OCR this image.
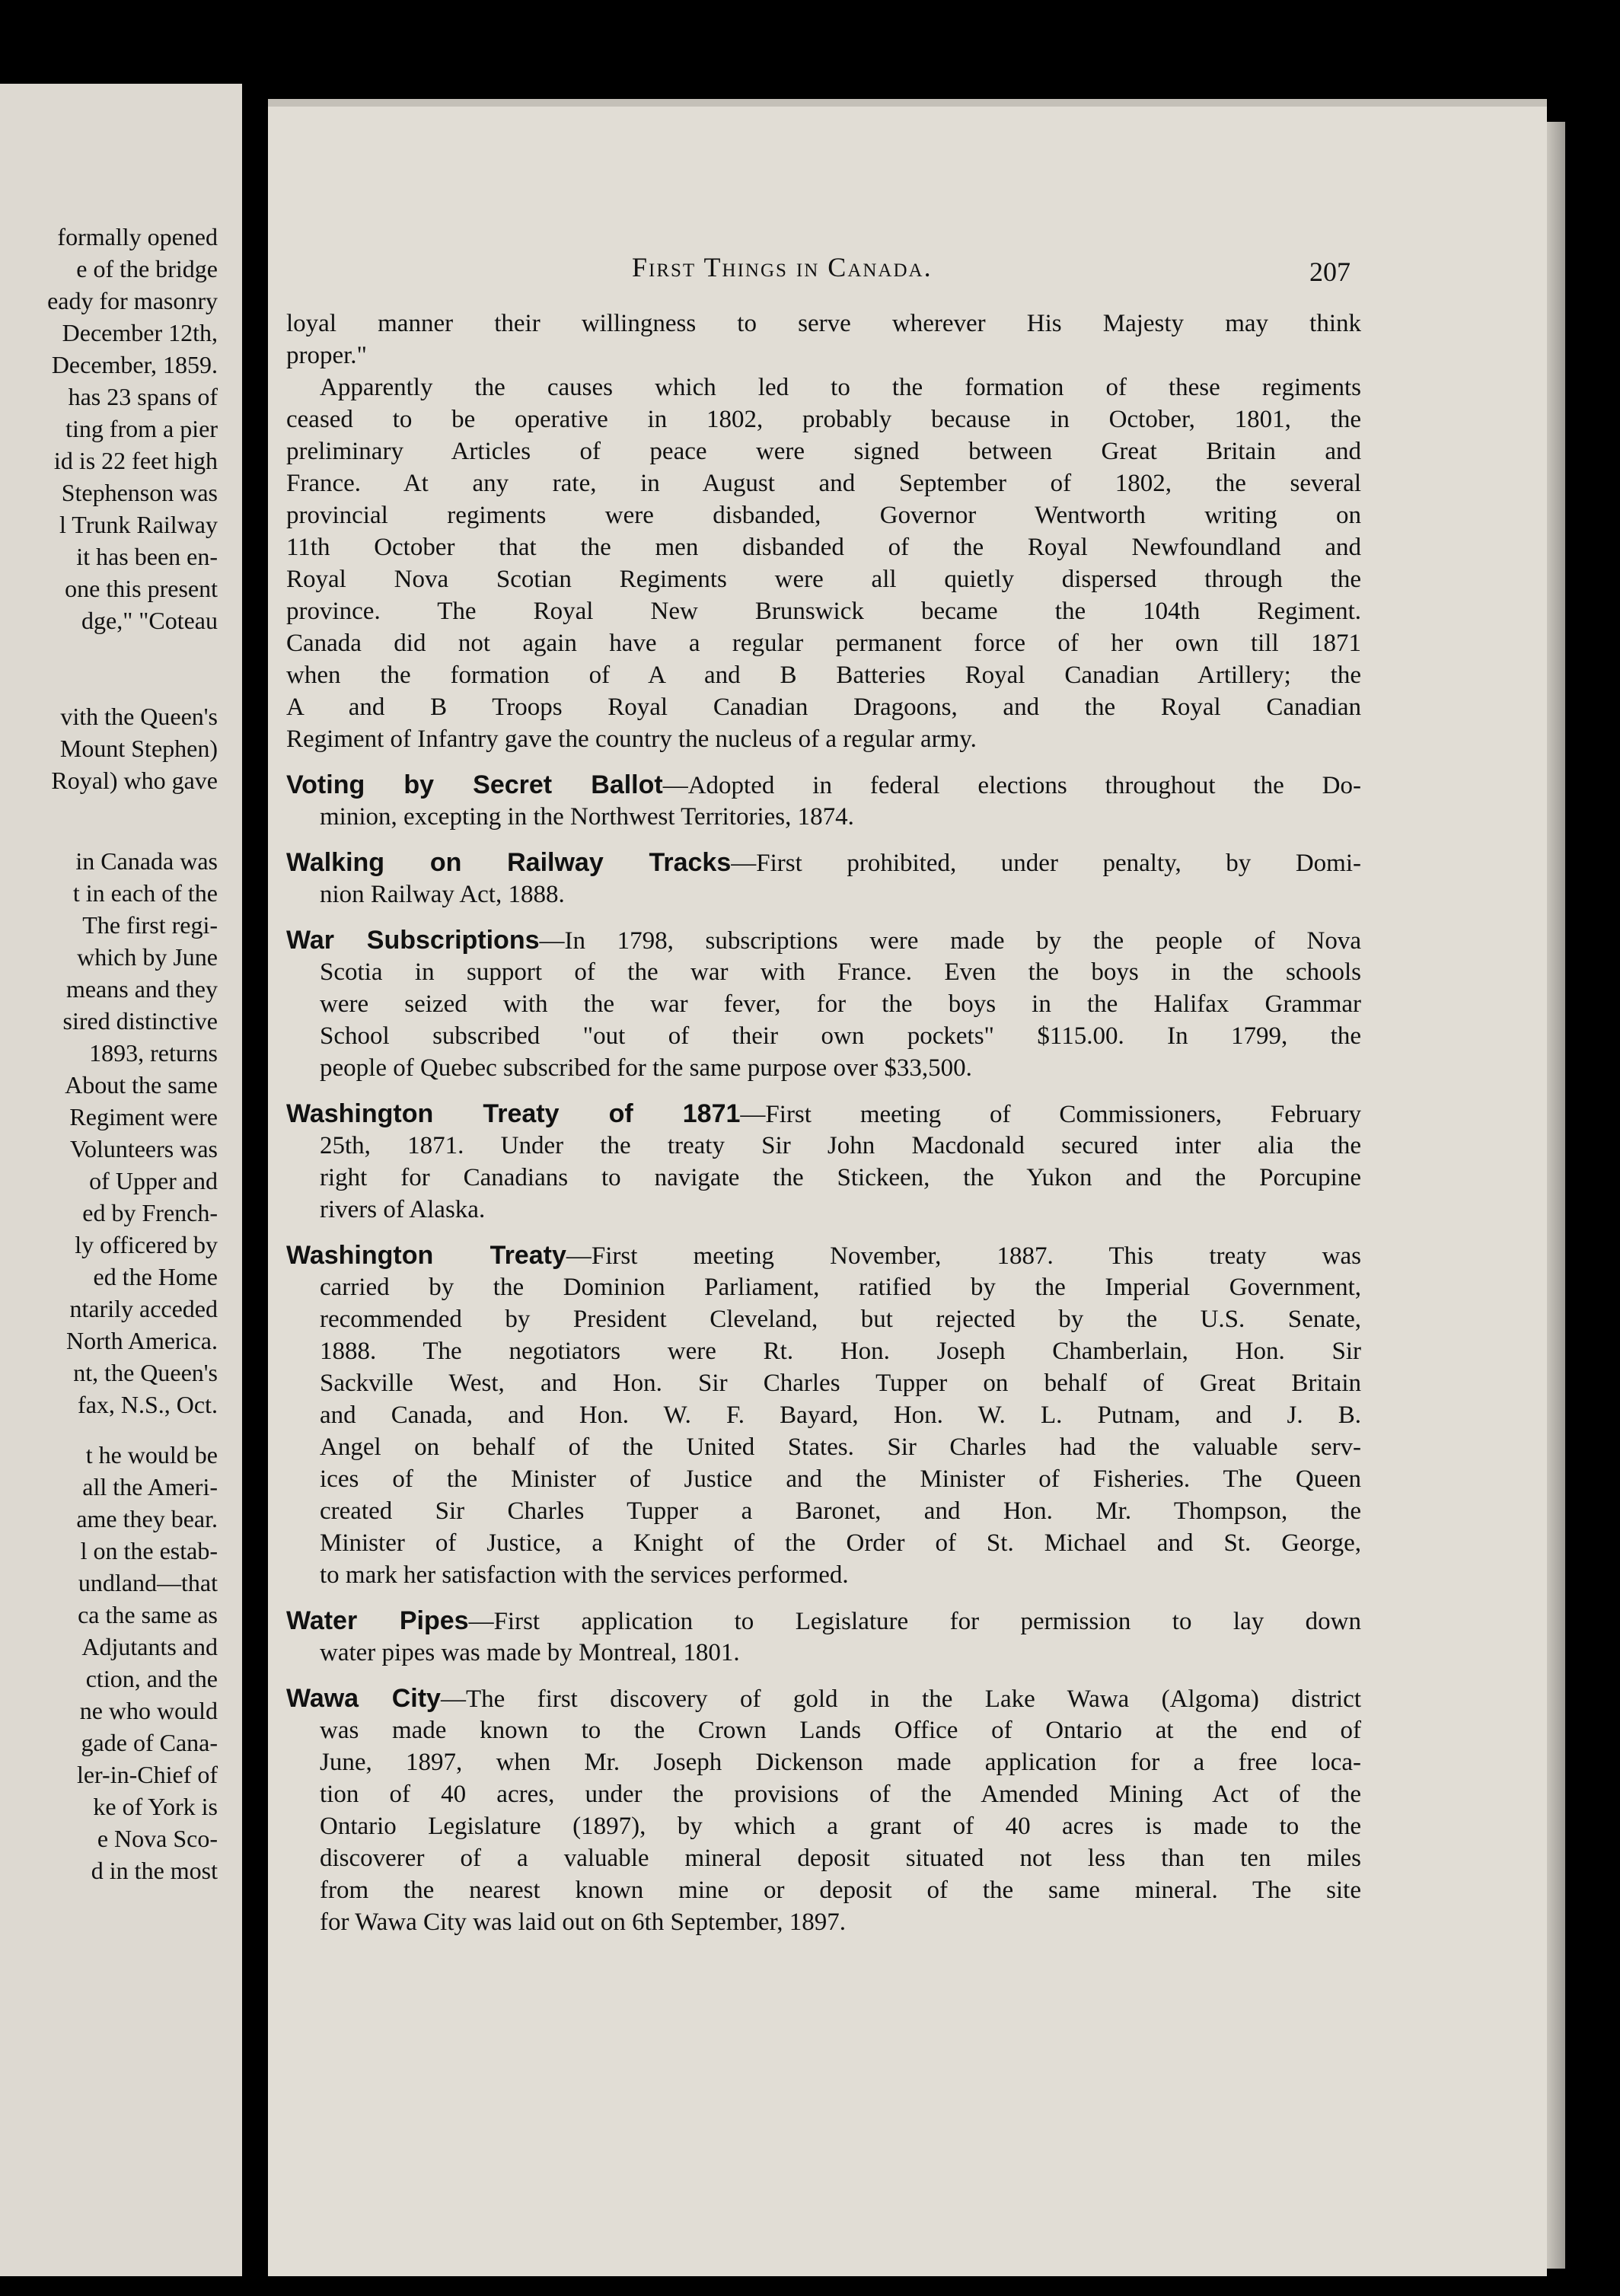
formally opened
e of the bridge
eady for masonry
December 12th,
December, 1859.
has 23 spans of
ting from a pier
id is 22 feet high
Stephenson was
l Trunk Railway
it has been en-
one this present
dge," "Coteau
vith the Queen's
Mount Stephen)
Royal) who gave
in Canada was
t in each of the
The first regi-
which by June
means and they
sired distinctive
1893, returns
About the same
Regiment were
Volunteers was
of Upper and
ed by French-
ly officered by
ed the Home
ntarily acceded
North America.
nt, the Queen's
fax, N.S., Oct.
t he would be
all the Ameri-
ame they bear.
l on the estab-
undland—that
ca the same as
Adjutants and
ction, and the
ne who would
gade of Cana-
ler-in-Chief of
ke of York is
e Nova Sco-
d in the most
First Things in Canada.	207
loyal manner their willingness to serve wherever His Majesty may think
proper."
Apparently the causes which led to the formation of these regiments
ceased to be operative in 1802, probably because in October, 1801, the
preliminary Articles of peace were signed between Great Britain and
France. At any rate, in August and September of 1802, the several
provincial regiments were disbanded, Governor Wentworth writing on
11th October that the men disbanded of the Royal Newfoundland and
Royal Nova Scotian Regiments were all quietly dispersed through the
province. The Royal New Brunswick became the 104th Regiment.
Canada did not again have a regular permanent force of her own till 1871
when the formation of A and B Batteries Royal Canadian Artillery; the
A and B Troops Royal Canadian Dragoons, and the Royal Canadian
Regiment of Infantry gave the country the nucleus of a regular army.
Voting by Secret Ballot—Adopted in federal elections throughout the Do-
minion, excepting in the Northwest Territories, 1874.
Walking on Railway Tracks—First prohibited, under penalty, by Domi-
nion Railway Act, 1888.
War Subscriptions—In 1798, subscriptions were made by the people of Nova
Scotia in support of the war with France. Even the boys in the schools
were seized with the war fever, for the boys in the Halifax Grammar
School subscribed "out of their own pockets" $115.00. In 1799, the
people of Quebec subscribed for the same purpose over $33,500.
Washington Treaty of 1871—First meeting of Commissioners, February
25th, 1871. Under the treaty Sir John Macdonald secured inter alia the
right for Canadians to navigate the Stickeen, the Yukon and the Porcupine
rivers of Alaska.
Washington Treaty—First meeting November, 1887. This treaty was
carried by the Dominion Parliament, ratified by the Imperial Government,
recommended by President Cleveland, but rejected by the U.S. Senate,
1888. The negotiators were Rt. Hon. Joseph Chamberlain, Hon. Sir
Sackville West, and Hon. Sir Charles Tupper on behalf of Great Britain
and Canada, and Hon. W. F. Bayard, Hon. W. L. Putnam, and J. B.
Angel on behalf of the United States. Sir Charles had the valuable serv-
ices of the Minister of Justice and the Minister of Fisheries. The Queen
created Sir Charles Tupper a Baronet, and Hon. Mr. Thompson, the
Minister of Justice, a Knight of the Order of St. Michael and St. George,
to mark her satisfaction with the services performed.
Water Pipes—First application to Legislature for permission to lay down
water pipes was made by Montreal, 1801.
Wawa City—The first discovery of gold in the Lake Wawa (Algoma) district
was made known to the Crown Lands Office of Ontario at the end of
June, 1897, when Mr. Joseph Dickenson made application for a free loca-
tion of 40 acres, under the provisions of the Amended Mining Act of the
Ontario Legislature (1897), by which a grant of 40 acres is made to the
discoverer of a valuable mineral deposit situated not less than ten miles
from the nearest known mine or deposit of the same mineral. The site
for Wawa City was laid out on 6th September, 1897.
